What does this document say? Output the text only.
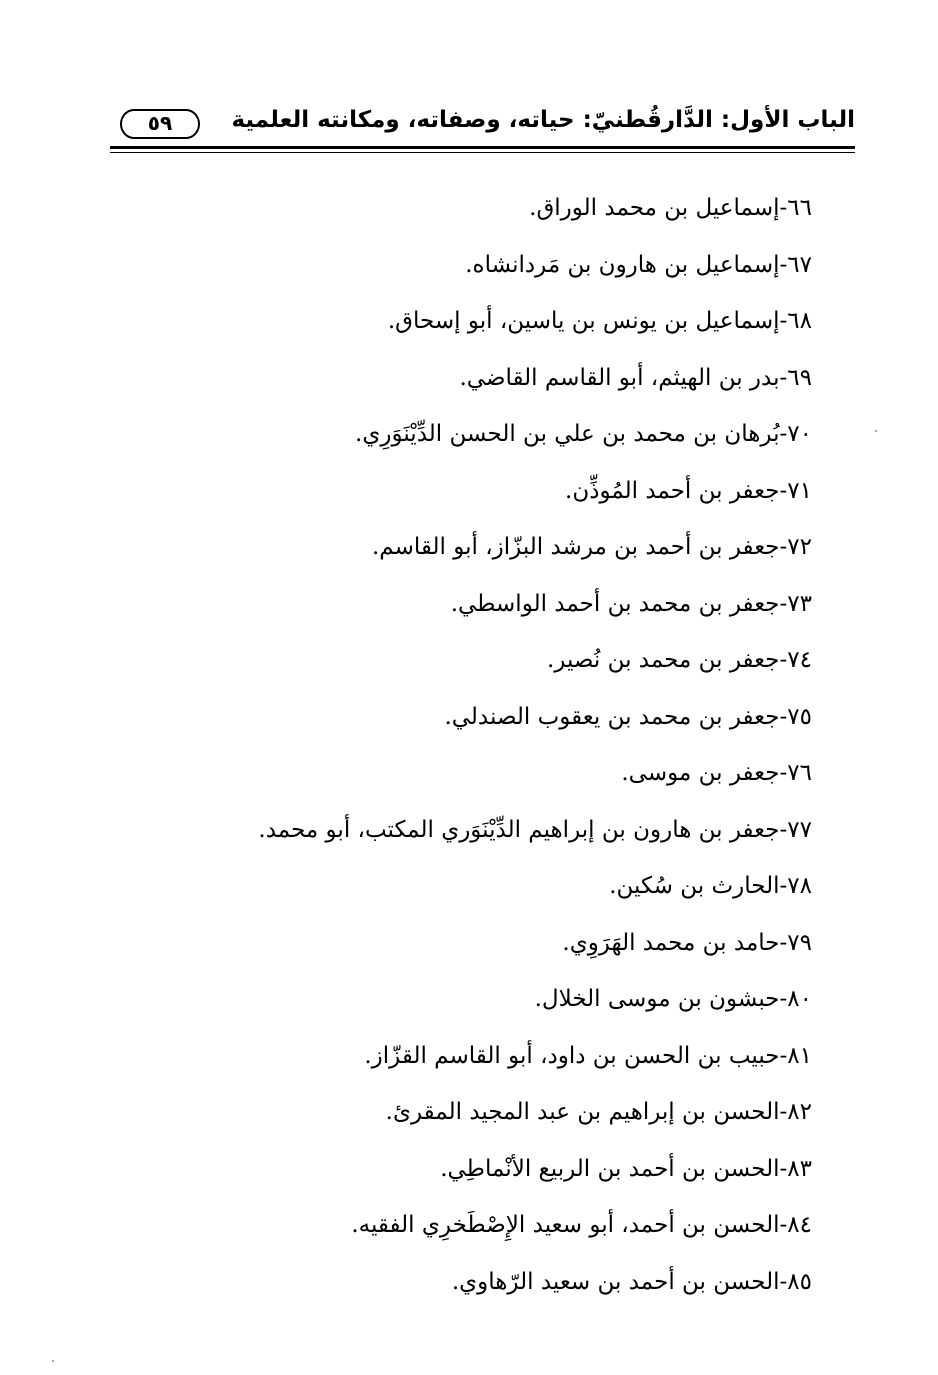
الباب الأول: الدَّارقُطنيّ: حياته، وصفاته، ومكانته العلمية
٥٩
٦٦-إسماعيل بن محمد الوراق.
٦٧-إسماعيل بن هارون بن مَردانشاه.
٦٨-إسماعيل بن يونس بن ياسين، أبو إسحاق.
٦٩-بدر بن الهيثم، أبو القاسم القاضي.
٧٠-بُرهان بن محمد بن علي بن الحسن الدِّيْنَوَرِي.
٧١-جعفر بن أحمد المُوذِّن.
٧٢-جعفر بن أحمد بن مرشد البزّاز، أبو القاسم.
٧٣-جعفر بن محمد بن أحمد الواسطي.
٧٤-جعفر بن محمد بن نُصير.
٧٥-جعفر بن محمد بن يعقوب الصندلي.
٧٦-جعفر بن موسى.
٧٧-جعفر بن هارون بن إبراهيم الدِّيْنَوَري المكتب، أبو محمد.
٧٨-الحارث بن سُكين.
٧٩-حامد بن محمد الهَرَوِي.
٨٠-حبشون بن موسى الخلال.
٨١-حبيب بن الحسن بن داود، أبو القاسم القزّاز.
٨٢-الحسن بن إبراهيم بن عبد المجيد المقرئ.
٨٣-الحسن بن أحمد بن الربيع الأنْماطِي.
٨٤-الحسن بن أحمد، أبو سعيد الإِصْطَخرِي الفقيه.
٨٥-الحسن بن أحمد بن سعيد الرّهاوي.
